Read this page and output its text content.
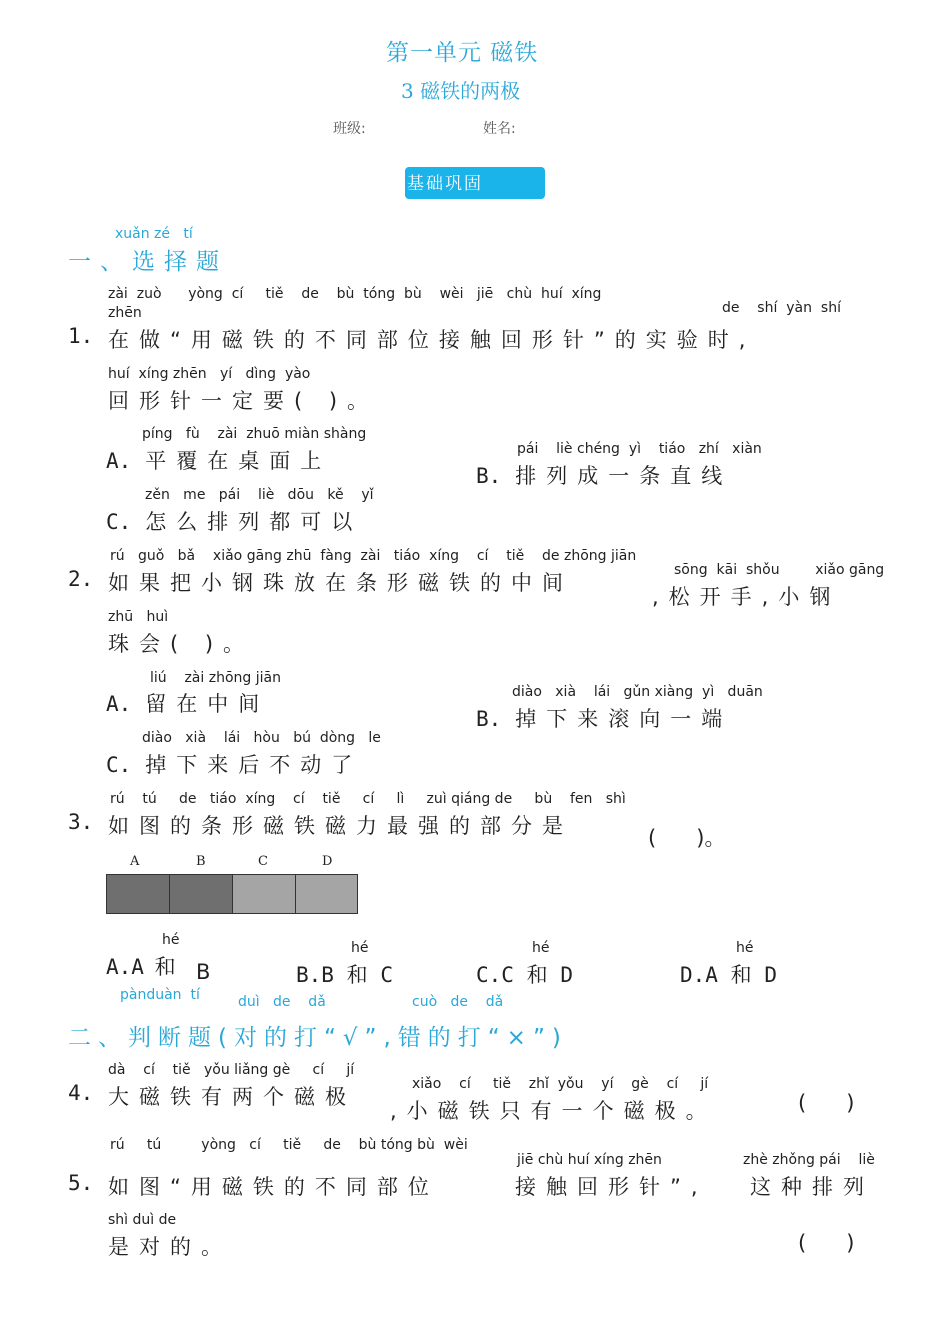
第一单元 磁铁
3 磁铁的两极
班级:	姓名:
基础巩固
xuǎn zé   tí
一、选择题
zài  zuò      yòng  cí     tiě    de    bù  tóng  bù    wèi   jiē   chù  huí  xíng
zhēn	de    shí  yàn  shí
1. 在做“用磁铁的不同部位接触回形针”的实验时,
huí  xíng zhēn   yí   dìng  yào
回形针一定要( )。
píng   fù    zài  zhuō miàn shàng
A. 平覆在桌面上	pái    liè chéng  yì    tiáo   zhí   xiàn
B. 排列成一条直线
zěn   me   pái    liè   dōu   kě    yǐ
C. 怎么排列都可以
rú   guǒ   bǎ    xiǎo gāng zhū  fàng  zài   tiáo  xíng    cí    tiě    de zhōng jiān
2. 如果把小钢珠放在条形磁铁的中间
sōng  kāi  shǒu        xiǎo gāng
,松开手,小钢
zhū   huì
珠会( )。
liú    zài zhōng jiān
A. 留在中间	diào   xià    lái   gǔn xiàng  yì   duān
B. 掉下来滚向一端
diào   xià    lái   hòu   bú  dòng   le
C. 掉下来后不动了
rú    tú     de   tiáo  xíng    cí    tiě     cí     lì     zuì qiáng de     bù    fen   shì
3. 如图的条形磁铁磁力最强的部分是	(      )。
A	B	C	D
hé
A.A 和 B
hé
B.B 和 C
hé
C.C 和 D
hé
D.A 和 D
pànduàn  tí	duì   de    dǎ	cuò   de    dǎ
二、判断题(对的打“√”,错的打“×”)
dà    cí    tiě   yǒu liǎng gè     cí     jí
4. 大磁铁有两个磁极
xiǎo    cí     tiě    zhǐ  yǒu    yí    gè    cí     jí
,小磁铁只有一个磁极。	(      )
rú     tú         yòng   cí     tiě     de    bù tóng bù  wèi
5. 如图“用磁铁的不同部位
jiē chù huí xíng zhēn
接触回形针”,
zhè zhǒng pái    liè
这种排列
shì duì de
是对的。	(      )
